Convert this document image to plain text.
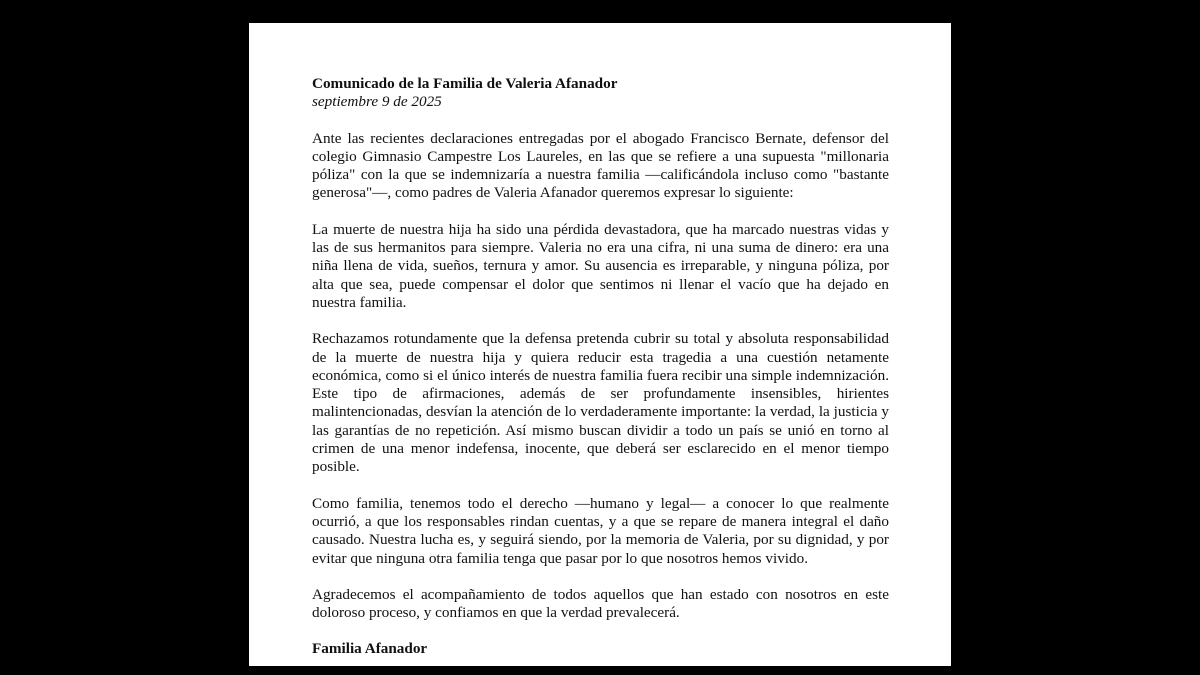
Comunicado de la Familia de Valeria Afanador

septiembre 9 de 2025

Ante las recientes declaraciones entregadas por el abogado Francisco Bernate, defensor del colegio Gimnasio Campestre Los Laureles, en las que se refiere a una supuesta "millonaria póliza" con la que se indemnizaría a nuestra familia —calificándola incluso como "bastante generosa"—, como padres de Valeria Afanador queremos expresar lo siguiente:

La muerte de nuestra hija ha sido una pérdida devastadora, que ha marcado nuestras vidas y las de sus hermanitos para siempre. Valeria no era una cifra, ni una suma de dinero: era una niña llena de vida, sueños, ternura y amor. Su ausencia es irreparable, y ninguna póliza, por alta que sea, puede compensar el dolor que sentimos ni llenar el vacío que ha dejado en nuestra familia.

Rechazamos rotundamente que la defensa pretenda cubrir su total y absoluta responsabilidad de la muerte de nuestra hija y quiera reducir esta tragedia a una cuestión netamente económica, como si el único interés de nuestra familia fuera recibir una simple indemnización. Este tipo de afirmaciones, además de ser profundamente insensibles, hirientes malintencionadas, desvían la atención de lo verdaderamente importante: la verdad, la justicia y las garantías de no repetición. Así mismo buscan dividir a todo un país se unió en torno al crimen de una menor indefensa, inocente, que deberá ser esclarecido en el menor tiempo posible.

Como familia, tenemos todo el derecho —humano y legal— a conocer lo que realmente ocurrió, a que los responsables rindan cuentas, y a que se repare de manera integral el daño causado. Nuestra lucha es, y seguirá siendo, por la memoria de Valeria, por su dignidad, y por evitar que ninguna otra familia tenga que pasar por lo que nosotros hemos vivido.

Agradecemos el acompañamiento de todos aquellos que han estado con nosotros en este doloroso proceso, y confiamos en que la verdad prevalecerá.

Familia Afanador
